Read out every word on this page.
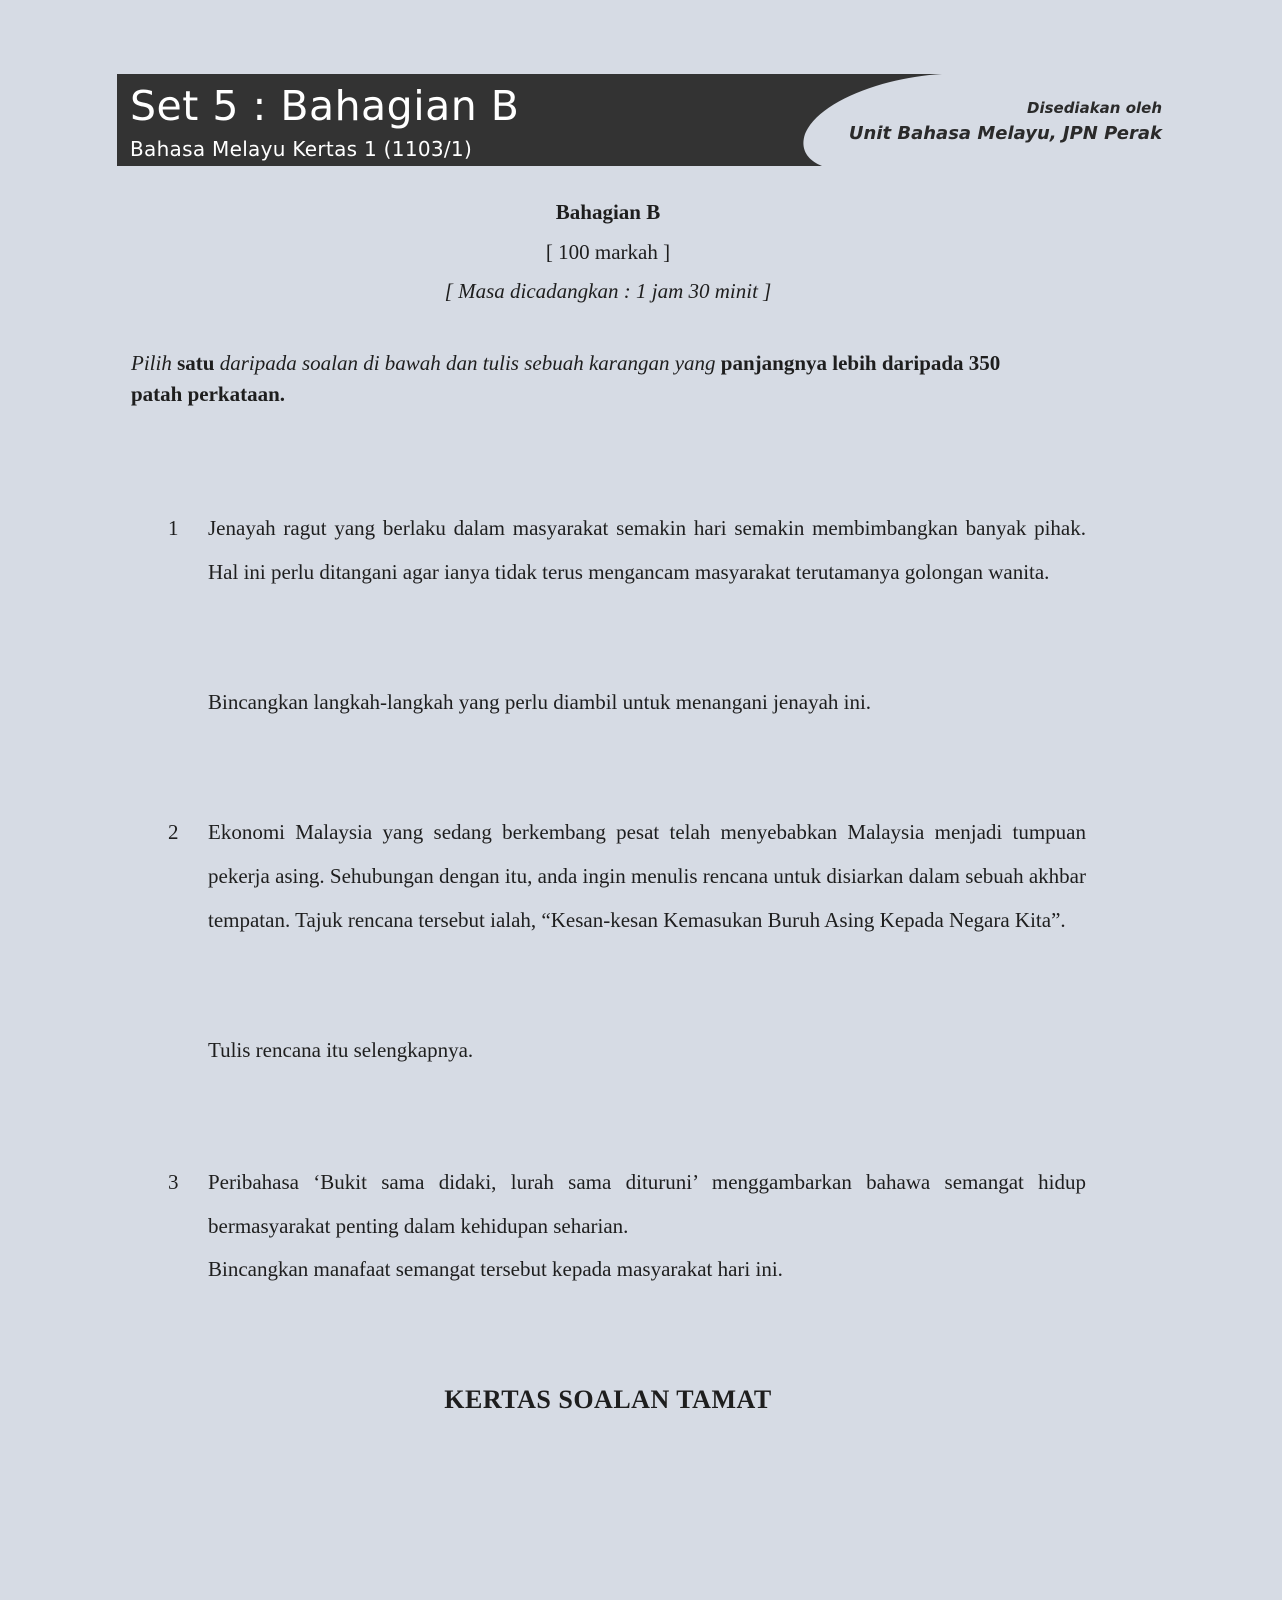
Set 5 : Bahagian B
Bahasa Melayu Kertas 1 (1103/1)
Disediakan oleh
Unit Bahasa Melayu, JPN Perak
Bahagian B
[ 100 markah ]
[ Masa dicadangkan : 1 jam 30 minit ]
Pilih satu daripada soalan di bawah dan tulis sebuah karangan yang panjangnya lebih daripada 350 patah perkataan.
1 Jenayah ragut yang berlaku dalam masyarakat semakin hari semakin membimbangkan banyak pihak. Hal ini perlu ditangani agar ianya tidak terus mengancam masyarakat terutamanya golongan wanita.
Bincangkan langkah-langkah yang perlu diambil untuk menangani jenayah ini.
2 Ekonomi Malaysia yang sedang berkembang pesat telah menyebabkan Malaysia menjadi tumpuan pekerja asing. Sehubungan dengan itu, anda ingin menulis rencana untuk disiarkan dalam sebuah akhbar tempatan. Tajuk rencana tersebut ialah, “Kesan-kesan Kemasukan Buruh Asing Kepada Negara Kita”.
Tulis rencana itu selengkapnya.
3 Peribahasa ‘Bukit sama didaki, lurah sama dituruni’ menggambarkan bahawa semangat hidup bermasyarakat penting dalam kehidupan seharian.
Bincangkan manafaat semangat tersebut kepada masyarakat hari ini.
KERTAS SOALAN TAMAT
